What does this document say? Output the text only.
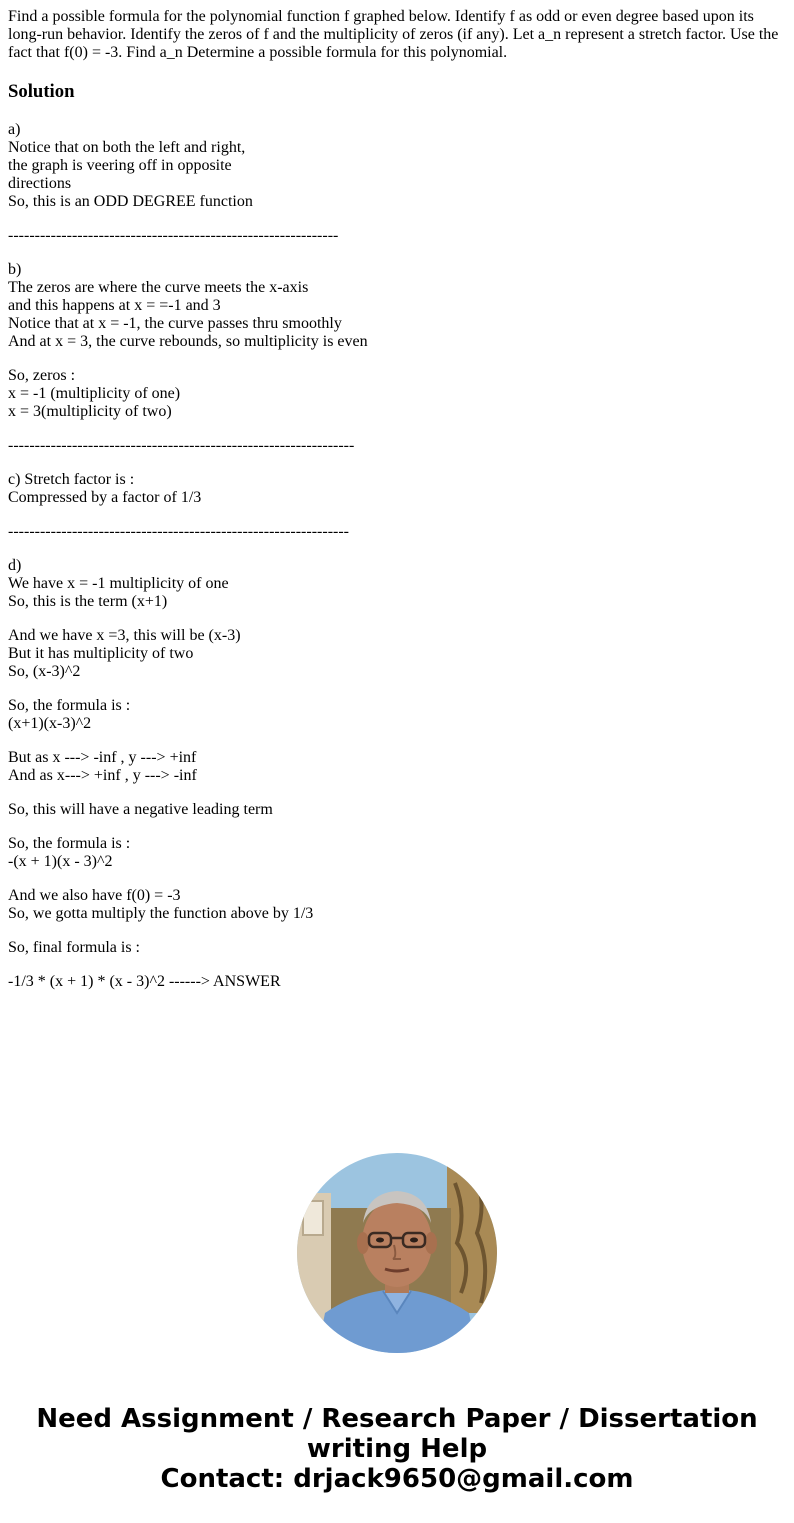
Find a possible formula for the polynomial function f graphed below. Identify f as odd or even degree based upon its long-run behavior. Identify the zeros of f and the multiplicity of zeros (if any). Let a_n represent a stretch factor. Use the fact that f(0) = -3. Find a_n Determine a possible formula for this polynomial.

Solution
a)
Notice that on both the left and right,
the graph is veering off in opposite
directions
So, this is an ODD DEGREE function
--------------------------------------------------------------
b)
The zeros are where the curve meets the x-axis
and this happens at x = =-1 and 3
Notice that at x = -1, the curve passes thru smoothly
And at x = 3, the curve rebounds, so multiplicity is even
So, zeros :
x = -1 (multiplicity of one)
x = 3(multiplicity of two)
-----------------------------------------------------------------
c) Stretch factor is :
Compressed by a factor of 1/3
----------------------------------------------------------------
d)
We have x = -1 multiplicity of one
So, this is the term (x+1)
And we have x =3, this will be (x-3)
But it has multiplicity of two
So, (x-3)^2
So, the formula is :
(x+1)(x-3)^2
But as x ---> -inf , y ---> +inf
And as x---> +inf , y ---> -inf
So, this will have a negative leading term
So, the formula is :
-(x + 1)(x - 3)^2
And we also have f(0) = -3
So, we gotta multiply the function above by 1/3
So, final formula is :
-1/3 * (x + 1) * (x - 3)^2 ------> ANSWER
Need Assignment / Research Paper / Dissertation
writing Help
Contact: drjack9650@gmail.com
